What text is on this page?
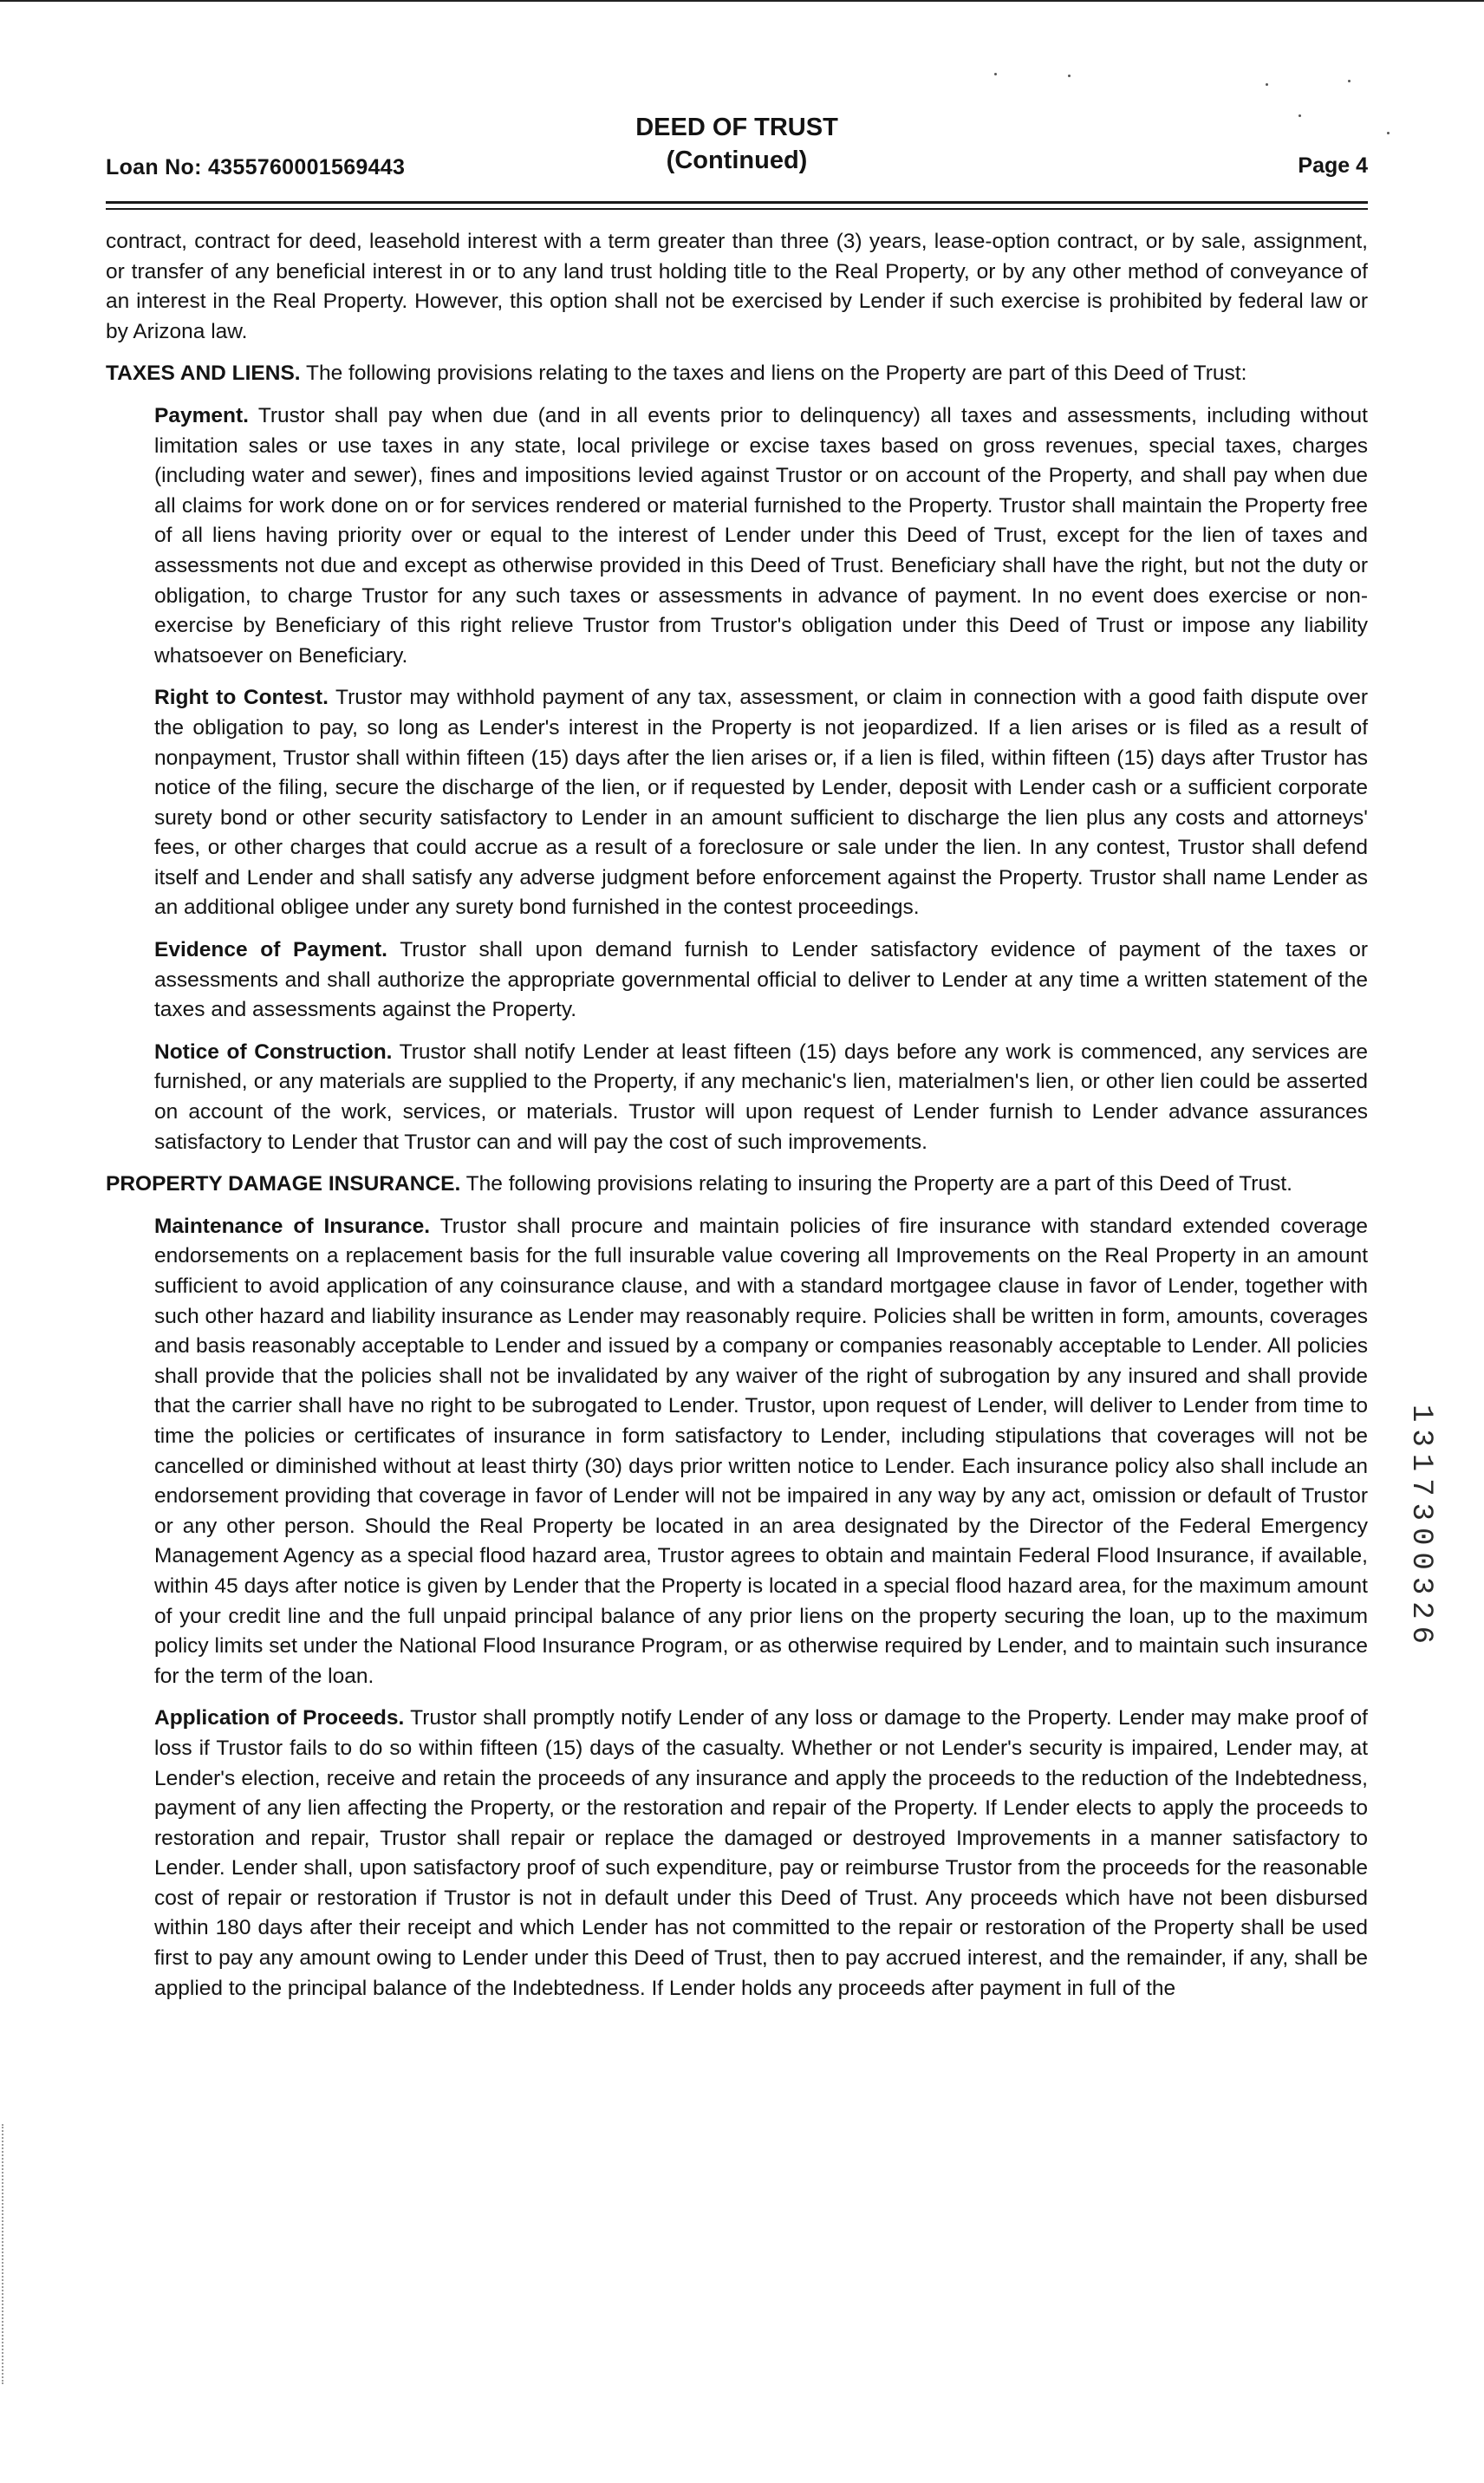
Loan No: 4355760001569443
DEED OF TRUST
(Continued)	Page 4

contract, contract for deed, leasehold interest with a term greater than three (3) years, lease-option contract, or by sale, assignment, or transfer of any beneficial interest in or to any land trust holding title to the Real Property, or by any other method of conveyance of an interest in the Real Property. However, this option shall not be exercised by Lender if such exercise is prohibited by federal law or by Arizona law.

TAXES AND LIENS. The following provisions relating to the taxes and liens on the Property are part of this Deed of Trust:

Payment. Trustor shall pay when due (and in all events prior to delinquency) all taxes and assessments, including without limitation sales or use taxes in any state, local privilege or excise taxes based on gross revenues, special taxes, charges (including water and sewer), fines and impositions levied against Trustor or on account of the Property, and shall pay when due all claims for work done on or for services rendered or material furnished to the Property. Trustor shall maintain the Property free of all liens having priority over or equal to the interest of Lender under this Deed of Trust, except for the lien of taxes and assessments not due and except as otherwise provided in this Deed of Trust. Beneficiary shall have the right, but not the duty or obligation, to charge Trustor for any such taxes or assessments in advance of payment. In no event does exercise or non-exercise by Beneficiary of this right relieve Trustor from Trustor's obligation under this Deed of Trust or impose any liability whatsoever on Beneficiary.

Right to Contest. Trustor may withhold payment of any tax, assessment, or claim in connection with a good faith dispute over the obligation to pay, so long as Lender's interest in the Property is not jeopardized. If a lien arises or is filed as a result of nonpayment, Trustor shall within fifteen (15) days after the lien arises or, if a lien is filed, within fifteen (15) days after Trustor has notice of the filing, secure the discharge of the lien, or if requested by Lender, deposit with Lender cash or a sufficient corporate surety bond or other security satisfactory to Lender in an amount sufficient to discharge the lien plus any costs and attorneys' fees, or other charges that could accrue as a result of a foreclosure or sale under the lien. In any contest, Trustor shall defend itself and Lender and shall satisfy any adverse judgment before enforcement against the Property. Trustor shall name Lender as an additional obligee under any surety bond furnished in the contest proceedings.

Evidence of Payment. Trustor shall upon demand furnish to Lender satisfactory evidence of payment of the taxes or assessments and shall authorize the appropriate governmental official to deliver to Lender at any time a written statement of the taxes and assessments against the Property.

Notice of Construction. Trustor shall notify Lender at least fifteen (15) days before any work is commenced, any services are furnished, or any materials are supplied to the Property, if any mechanic's lien, materialmen's lien, or other lien could be asserted on account of the work, services, or materials. Trustor will upon request of Lender furnish to Lender advance assurances satisfactory to Lender that Trustor can and will pay the cost of such improvements.

PROPERTY DAMAGE INSURANCE. The following provisions relating to insuring the Property are a part of this Deed of Trust.

Maintenance of Insurance. Trustor shall procure and maintain policies of fire insurance with standard extended coverage endorsements on a replacement basis for the full insurable value covering all Improvements on the Real Property in an amount sufficient to avoid application of any coinsurance clause, and with a standard mortgagee clause in favor of Lender, together with such other hazard and liability insurance as Lender may reasonably require. Policies shall be written in form, amounts, coverages and basis reasonably acceptable to Lender and issued by a company or companies reasonably acceptable to Lender. All policies shall provide that the policies shall not be invalidated by any waiver of the right of subrogation by any insured and shall provide that the carrier shall have no right to be subrogated to Lender. Trustor, upon request of Lender, will deliver to Lender from time to time the policies or certificates of insurance in form satisfactory to Lender, including stipulations that coverages will not be cancelled or diminished without at least thirty (30) days prior written notice to Lender. Each insurance policy also shall include an endorsement providing that coverage in favor of Lender will not be impaired in any way by any act, omission or default of Trustor or any other person. Should the Real Property be located in an area designated by the Director of the Federal Emergency Management Agency as a special flood hazard area, Trustor agrees to obtain and maintain Federal Flood Insurance, if available, within 45 days after notice is given by Lender that the Property is located in a special flood hazard area, for the maximum amount of your credit line and the full unpaid principal balance of any prior liens on the property securing the loan, up to the maximum policy limits set under the National Flood Insurance Program, or as otherwise required by Lender, and to maintain such insurance for the term of the loan.

Application of Proceeds. Trustor shall promptly notify Lender of any loss or damage to the Property. Lender may make proof of loss if Trustor fails to do so within fifteen (15) days of the casualty. Whether or not Lender's security is impaired, Lender may, at Lender's election, receive and retain the proceeds of any insurance and apply the proceeds to the reduction of the Indebtedness, payment of any lien affecting the Property, or the restoration and repair of the Property. If Lender elects to apply the proceeds to restoration and repair, Trustor shall repair or replace the damaged or destroyed Improvements in a manner satisfactory to Lender. Lender shall, upon satisfactory proof of such expenditure, pay or reimburse Trustor from the proceeds for the reasonable cost of repair or restoration if Trustor is not in default under this Deed of Trust. Any proceeds which have not been disbursed within 180 days after their receipt and which Lender has not committed to the repair or restoration of the Property shall be used first to pay any amount owing to Lender under this Deed of Trust, then to pay accrued interest, and the remainder, if any, shall be applied to the principal balance of the Indebtedness. If Lender holds any proceeds after payment in full of the

1317300326
